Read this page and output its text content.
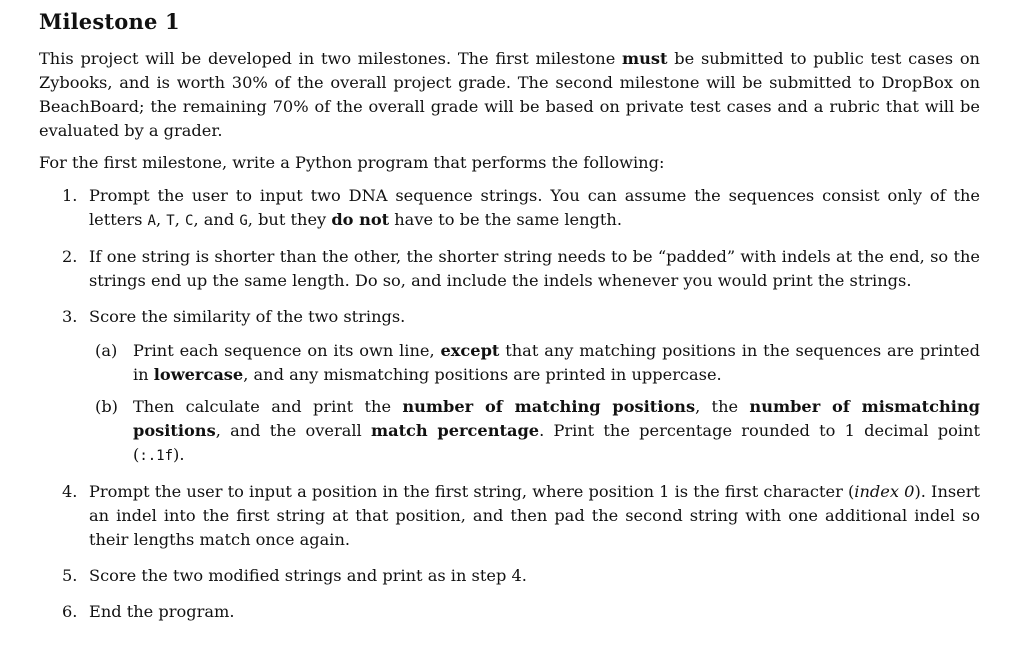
Milestone 1

This project will be developed in two milestones. The first milestone must be submitted to public test cases on Zybooks, and is worth 30% of the overall project grade. The second milestone will be submitted to DropBox on BeachBoard; the remaining 70% of the overall grade will be based on private test cases and a rubric that will be evaluated by a grader.

For the first milestone, write a Python program that performs the following:

1. Prompt the user to input two DNA sequence strings. You can assume the sequences consist only of the letters A, T, C, and G, but they do not have to be the same length.
2. If one string is shorter than the other, the shorter string needs to be “padded” with indels at the end, so the strings end up the same length. Do so, and include the indels whenever you would print the strings.
3. Score the similarity of the two strings.
(a) Print each sequence on its own line, except that any matching positions in the sequences are printed in lowercase, and any mismatching positions are printed in uppercase.
(b) Then calculate and print the number of matching positions, the number of mismatching positions, and the overall match percentage. Print the percentage rounded to 1 decimal point (:.1f).
4. Prompt the user to input a position in the first string, where position 1 is the first character (index 0). Insert an indel into the first string at that position, and then pad the second string with one additional indel so their lengths match once again.
5. Score the two modified strings and print as in step 4.
6. End the program.
